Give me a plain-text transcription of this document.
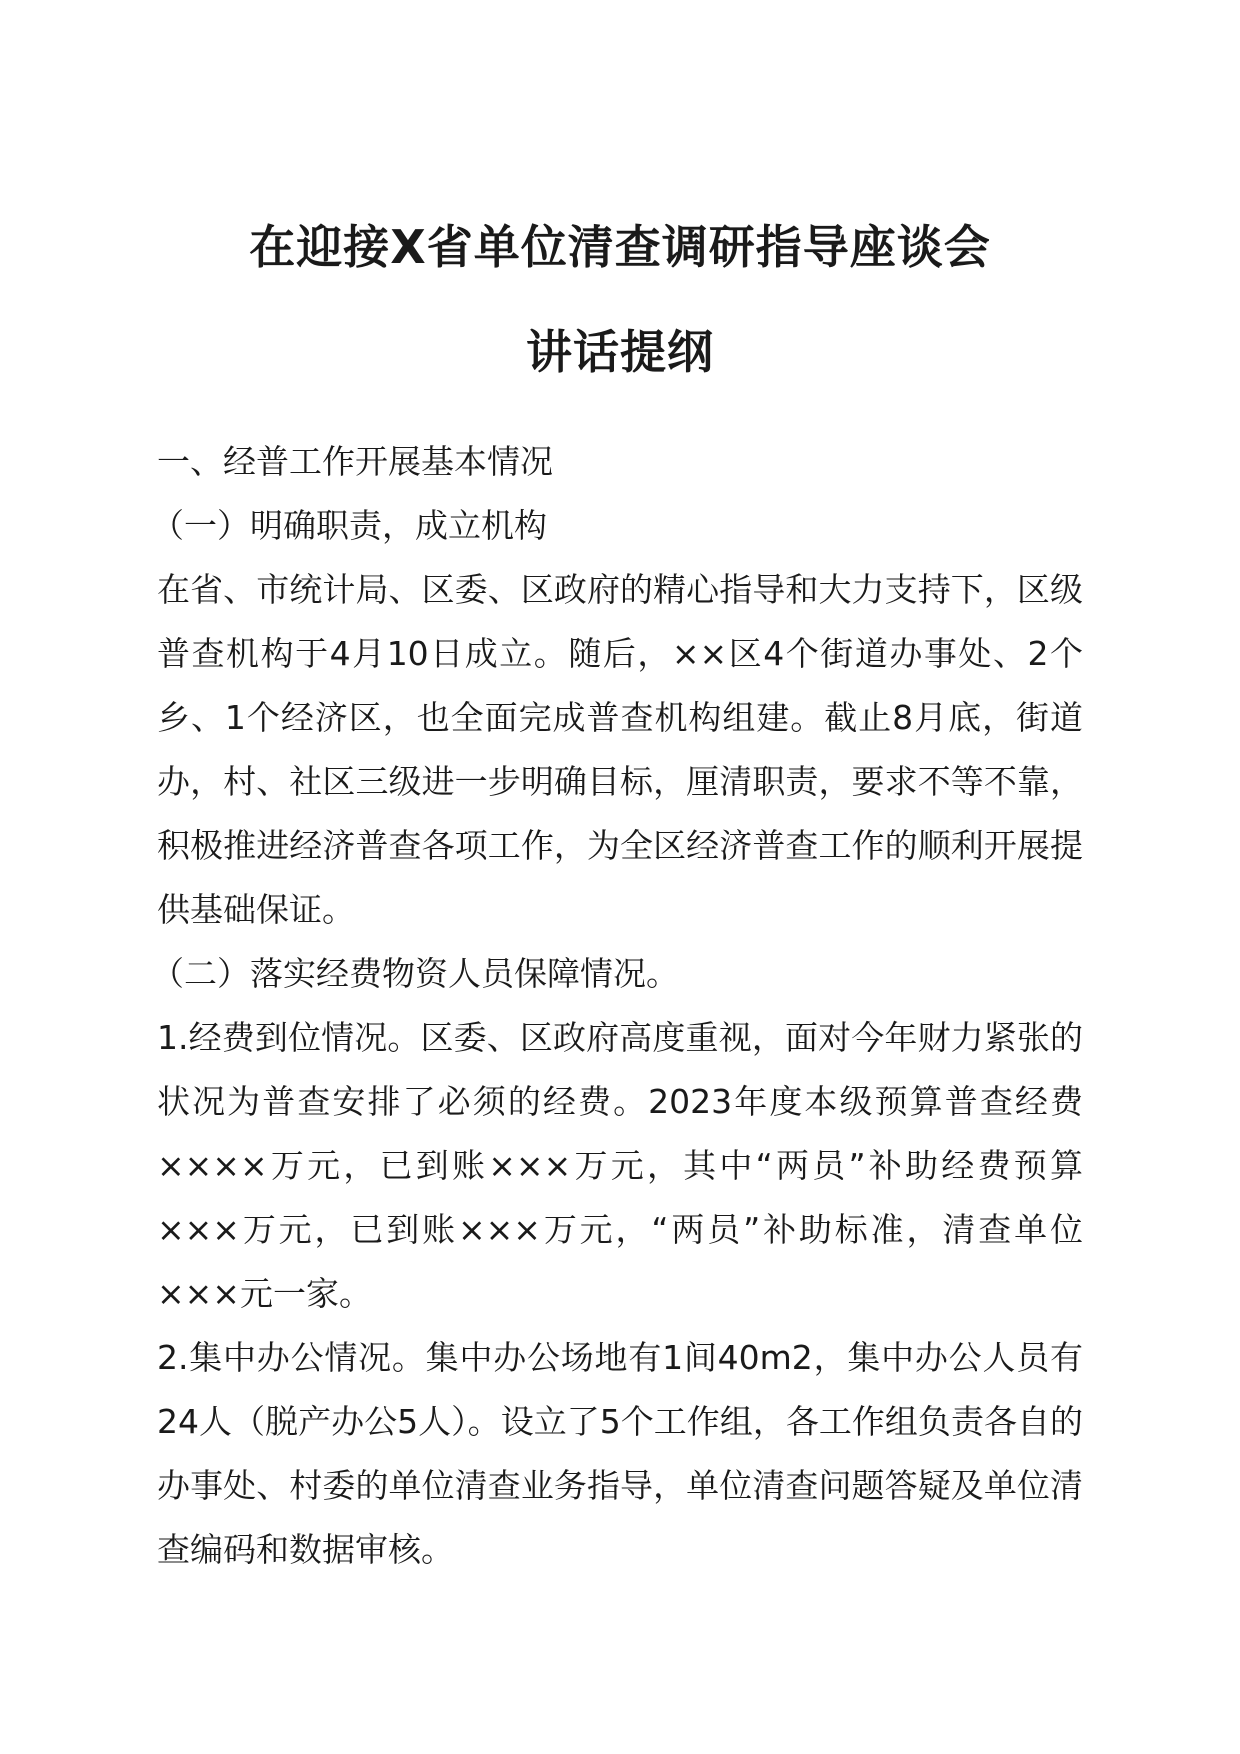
在迎接X省单位清查调研指导座谈会
讲话提纲

一、经普工作开展基本情况

（一）明确职责，成立机构

在省、市统计局、区委、区政府的精心指导和大力支持下，区级普查机构于4月10日成立。随后，××区4个街道办事处、2个乡、1个经济区，也全面完成普查机构组建。截止8月底，街道办，村、社区三级进一步明确目标，厘清职责，要求不等不靠，积极推进经济普查各项工作，为全区经济普查工作的顺利开展提供基础保证。

（二）落实经费物资人员保障情况。

1.经费到位情况。区委、区政府高度重视，面对今年财力紧张的状况为普查安排了必须的经费。2023年度本级预算普查经费××××万元，已到账×××万元，其中“两员”补助经费预算×××万元，已到账×××万元，“两员”补助标准，清查单位×××元一家。

2.集中办公情况。集中办公场地有1间40m2，集中办公人员有24人（脱产办公5人）。设立了5个工作组，各工作组负责各自的办事处、村委的单位清查业务指导，单位清查问题答疑及单位清查编码和数据审核。
